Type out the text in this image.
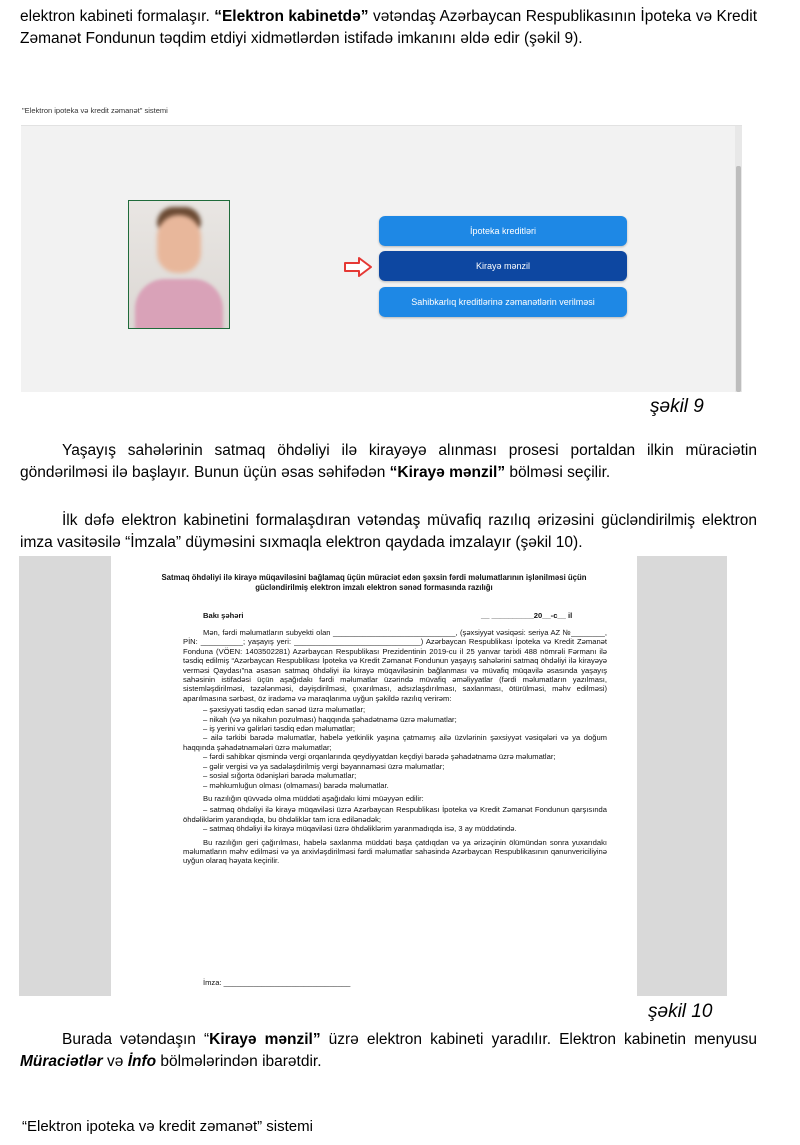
elektron kabineti formalaşır. “Elektron kabinetdə” vətəndaş Azərbaycan Respublikasının İpoteka və Kredit Zəmanət Fondunun təqdim etdiyi xidmətlərdən istifadə imkanını əldə edir (şəkil 9).

"Elektron ipoteka və kredit zəmanət" sistemi
İpoteka kreditləri
Kirayə mənzil
Sahibkarlıq kreditlərinə zəmanətlərin verilməsi
şəkil 9

Yaşayış sahələrinin satmaq öhdəliyi ilə kirayəyə alınması prosesi portaldan ilkin müraciətin göndərilməsi ilə başlayır. Bunun üçün əsas səhifədən “Kirayə mənzil” bölməsi seçilir.

İlk dəfə elektron kabinetini formalaşdıran vətəndaş müvafiq razılıq ərizəsini gücləndirilmiş elektron imza vasitəsilə “İmzala” düyməsini sıxmaqla elektron qaydada imzalayır (şəkil 10).

Satmaq öhdəliyi ilə kirayə müqaviləsini bağlamaq üçün müraciət edən şəxsin fərdi məlumatlarının işlənilməsi üçün gücləndirilmiş elektron imzalı elektron sənəd formasında razılığı
Bakı şəhəri	__ __________20__-c__ il

Mən, fərdi məlumatların subyekti olan _____________________________, (şəxsiyyət vəsiqəsi: seriya AZ №________, PİN: __________; yaşayış yeri: ______________________________) Azərbaycan Respublikası İpoteka və Kredit Zəmanət Fonduna (VÖEN: 1403502281) Azərbaycan Respublikası Prezidentinin 2019-cu il 25 yanvar tarixli 488 nömrəli Fərmanı ilə təsdiq edilmiş “Azərbaycan Respublikası İpoteka və Kredit Zəmanət Fondunun yaşayış sahələrini satmaq öhdəliyi ilə kirayəyə verməsi Qaydası”na əsasən satmaq öhdəliyi ilə kirayə müqaviləsinin bağlanması və müvafiq müqavilə əsasında yaşayış sahəsinin istifadəsi üçün aşağıdakı fərdi məlumatlar üzərində müvafiq əməliyyatlar (fərdi məlumatların yazılması, sistemləşdirilməsi, təzələnməsi, dəyişdirilməsi, çıxarılması, adsızlaşdırılması, saxlanması, ötürülməsi, məhv edilməsi) aparılmasına sərbəst, öz iradəmə və maraqlarıma uyğun şəkildə razılıq verirəm:

– şəxsiyyəti təsdiq edən sənəd üzrə məlumatlar;
– nikah (və ya nikahın pozulması) haqqında şəhadətnamə üzrə məlumatlar;
– iş yerini və gəlirləri təsdiq edən məlumatlar;
– ailə tərkibi barədə məlumatlar, habelə yetkinlik yaşına çatmamış ailə üzvlərinin şəxsiyyət vəsiqələri və ya doğum haqqında şəhadətnamələri üzrə məlumatlar;
– fərdi sahibkar qismində vergi orqanlarında qeydiyyatdan keçdiyi barədə şəhadətnamə üzrə məlumatlar;
– gəlir vergisi və ya sadələşdirilmiş vergi bəyannaməsi üzrə məlumatlar;
– sosial sığorta ödənişləri barədə məlumatlar;
– məhkumluğun olması (olmaması) barədə məlumatlar.

Bu razılığın qüvvədə olma müddəti aşağıdakı kimi müəyyən edilir:

– satmaq öhdəliyi ilə kirayə müqaviləsi üzrə Azərbaycan Respublikası İpoteka və Kredit Zəmanət Fondunun qarşısında öhdəliklərim yarandıqda, bu öhdəliklər tam icra edilənədək;
– satmaq öhdəliyi ilə kirayə müqaviləsi üzrə öhdəliklərim yaranmadıqda isə, 3 ay müddətində.

Bu razılığın geri çağırılması, habelə saxlanma müddəti başa çatdıqdan və ya ərizəçinin ölümündən sonra yuxarıdakı məlumatların məhv edilməsi və ya arxivləşdirilməsi fərdi məlumatlar sahəsində Azərbaycan Respublikasının qanunvericiliyinə uyğun olaraq həyata keçirilir.

İmza: ______________________________
şəkil 10

Burada vətəndaşın “Kirayə mənzil” üzrə elektron kabineti yaradılır. Elektron kabinetin menyusu Müraciətlər və İnfo bölmələrindən ibarətdir.

“Elektron ipoteka və kredit zəmanət” sistemi
